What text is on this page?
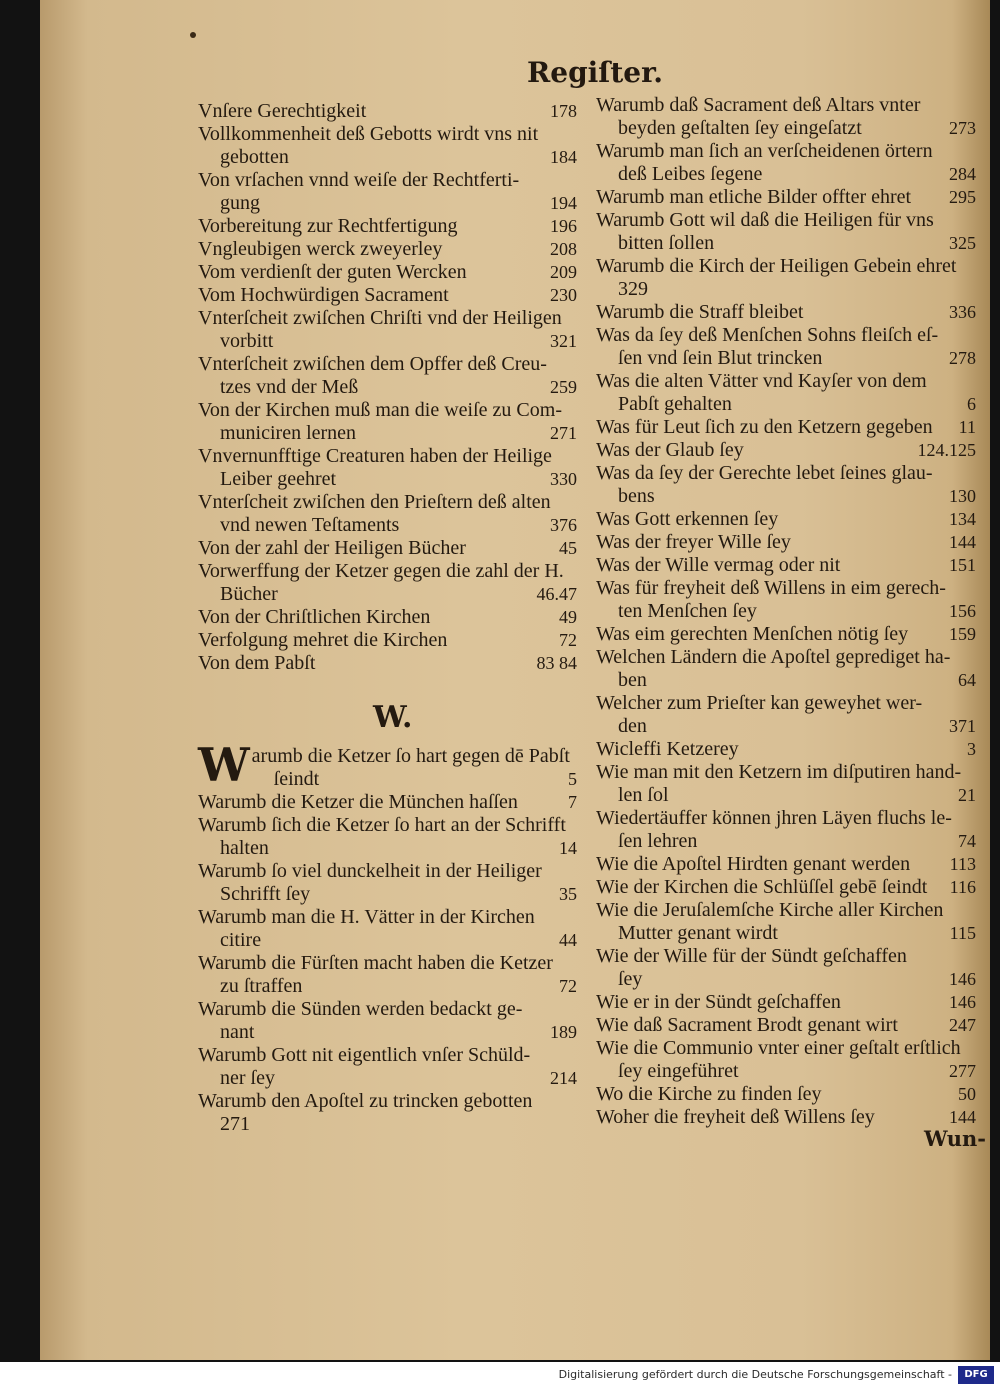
Regiſter.
Vnſere Gerechtigkeit	178
Vollkommenheit deß Gebotts wirdt vns nit
gebotten	184
Von vrſachen vnnd weiſe der Rechtferti-
gung	194
Vorbereitung zur Rechtfertigung	196
Vngleubigen werck zweyerley	208
Vom verdienſt der guten Wercken	209
Vom Hochwürdigen Sacrament	230
Vnterſcheit zwiſchen Chriſti vnd der Heiligen
vorbitt	321
Vnterſcheit zwiſchen dem Opffer deß Creu-
tzes vnd der Meß	259
Von der Kirchen muß man die weiſe zu Com-
municiren lernen	271
Vnvernunfftige Creaturen haben der Heilige
Leiber geehret	330
Vnterſcheit zwiſchen den Prieſtern deß alten
vnd newen Teſtaments	376
Von der zahl der Heiligen Bücher	45
Vorwerffung der Ketzer gegen die zahl der H.
Bücher	46.47
Von der Chriſtlichen Kirchen	49
Verfolgung mehret die Kirchen	72
Von dem Pabſt	83 84
W.
W arumb die Ketzer ſo hart gegen dē Pabſt
ſeindt	5
Warumb die Ketzer die München haſſen	7
Warumb ſich die Ketzer ſo hart an der Schrifft
halten	14
Warumb ſo viel dunckelheit in der Heiliger
Schrifft ſey	35
Warumb man die H. Vätter in der Kirchen
citire	44
Warumb die Fürſten macht haben die Ketzer
zu ſtraffen	72
Warumb die Sünden werden bedackt ge-
nant	189
Warumb Gott nit eigentlich vnſer Schüld-
ner ſey	214
Warumb den Apoſtel zu trincken gebotten
271
Warumb daß Sacrament deß Altars vnter
beyden geſtalten ſey eingeſatzt	273
Warumb man ſich an verſcheidenen örtern
deß Leibes ſegene	284
Warumb man etliche Bilder offter ehret	295
Warumb Gott wil daß die Heiligen für vns
bitten ſollen	325
Warumb die Kirch der Heiligen Gebein ehret
329
Warumb die Straff bleibet	336
Was da ſey deß Menſchen Sohns fleiſch eſ-
ſen vnd ſein Blut trincken	278
Was die alten Vätter vnd Kayſer von dem
Pabſt gehalten	6
Was für Leut ſich zu den Ketzern gegeben	11
Was der Glaub ſey	124.125
Was da ſey der Gerechte lebet ſeines glau-
bens	130
Was Gott erkennen ſey	134
Was der freyer Wille ſey	144
Was der Wille vermag oder nit	151
Was für freyheit deß Willens in eim gerech-
ten Menſchen ſey	156
Was eim gerechten Menſchen nötig ſey	159
Welchen Ländern die Apoſtel geprediget ha-
ben	64
Welcher zum Prieſter kan geweyhet wer-
den	371
Wicleffi Ketzerey	3
Wie man mit den Ketzern im diſputiren hand-
len ſol	21
Wiedertäuffer können jhren Läyen fluchs le-
ſen lehren	74
Wie die Apoſtel Hirdten genant werden	113
Wie der Kirchen die Schlüſſel gebē ſeindt	116
Wie die Jeruſalemſche Kirche aller Kirchen
Mutter genant wirdt	115
Wie der Wille für der Sündt geſchaffen
ſey	146
Wie er in der Sündt geſchaffen	146
Wie daß Sacrament Brodt genant wirt	247
Wie die Communio vnter einer geſtalt erſtlich
ſey eingeführet	277
Wo die Kirche zu finden ſey	50
Woher die freyheit deß Willens ſey	144
Wun-
Digitalisierung gefördert durch die Deutsche Forschungsgemeinschaft -	DFG
